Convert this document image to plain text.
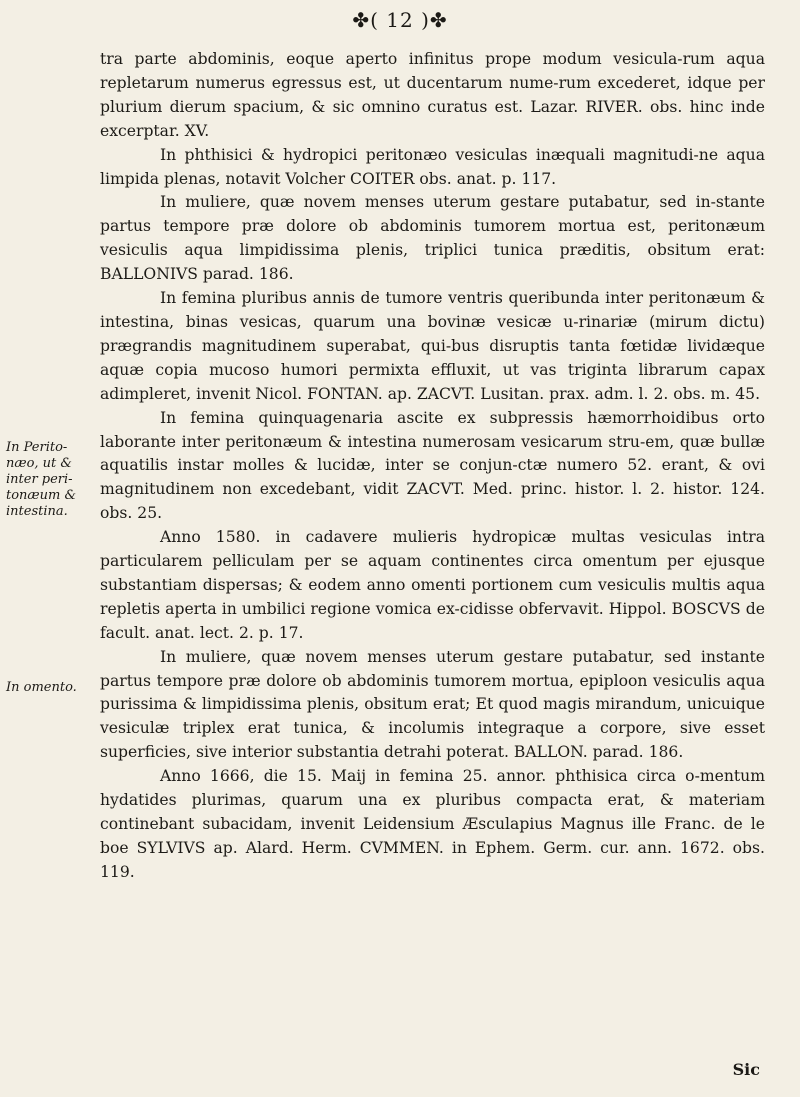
✤( 12 )✤
In Perito-næo, ut & inter peri-tonæum & intestina.
In omento.

tra parte abdominis, eoque aperto infinitus prope modum vesicula-rum aqua repletarum numerus egressus est, ut ducentarum nume-rum excederet, idque per plurium dierum spacium, & sic omnino curatus est. Lazar. RIVER. obs. hinc inde excerptar. XV.

In phthisici & hydropici peritonæo vesiculas inæquali magnitudi-ne aqua limpida plenas, notavit Volcher COITER obs. anat. p. 117.

In muliere, quæ novem menses uterum gestare putabatur, sed in-stante partus tempore præ dolore ob abdominis tumorem mortua est, peritonæum vesiculis aqua limpidissima plenis, triplici tunica præditis, obsitum erat: BALLONIVS parad. 186.

In femina pluribus annis de tumore ventris queribunda inter peritonæum & intestina, binas vesicas, quarum una bovinæ vesicæ u-rinariæ (mirum dictu) prægrandis magnitudinem superabat, qui-bus disruptis tanta fœtidæ lividæque aquæ copia mucoso humori permixta effluxit, ut vas triginta librarum capax adimpleret, invenit Nicol. FONTAN. ap. ZACVT. Lusitan. prax. adm. l. 2. obs. m. 45.

In femina quinquagenaria ascite ex subpressis hæmorrhoidibus orto laborante inter peritonæum & intestina numerosam vesicarum stru-em, quæ bullæ aquatilis instar molles & lucidæ, inter se conjun-ctæ numero 52. erant, & ovi magnitudinem non excedebant, vidit ZACVT. Med. princ. histor. l. 2. histor. 124. obs. 25.

Anno 1580. in cadavere mulieris hydropicæ multas vesiculas intra particularem pelliculam per se aquam continentes circa omentum per ejusque substantiam dispersas; & eodem anno omenti portionem cum vesiculis multis aqua repletis aperta in umbilici regione vomica ex-cidisse obfervavit. Hippol. BOSCVS de facult. anat. lect. 2. p. 17.

In muliere, quæ novem menses uterum gestare putabatur, sed instante partus tempore præ dolore ob abdominis tumorem mortua, epiploon vesiculis aqua purissima & limpidissima plenis, obsitum erat; Et quod magis mirandum, unicuique vesiculæ triplex erat tunica, & incolumis integraque a corpore, sive esset superficies, sive interior substantia detrahi poterat. BALLON. parad. 186.

Anno 1666, die 15. Maij in femina 25. annor. phthisica circa o-mentum hydatides plurimas, quarum una ex pluribus compacta erat, & materiam continebant subacidam, invenit Leidensium Æsculapius Magnus ille Franc. de le boe SYLVIVS ap. Alard. Herm. CVMMEN. in Ephem. Germ. cur. ann. 1672. obs. 119.

Sic
